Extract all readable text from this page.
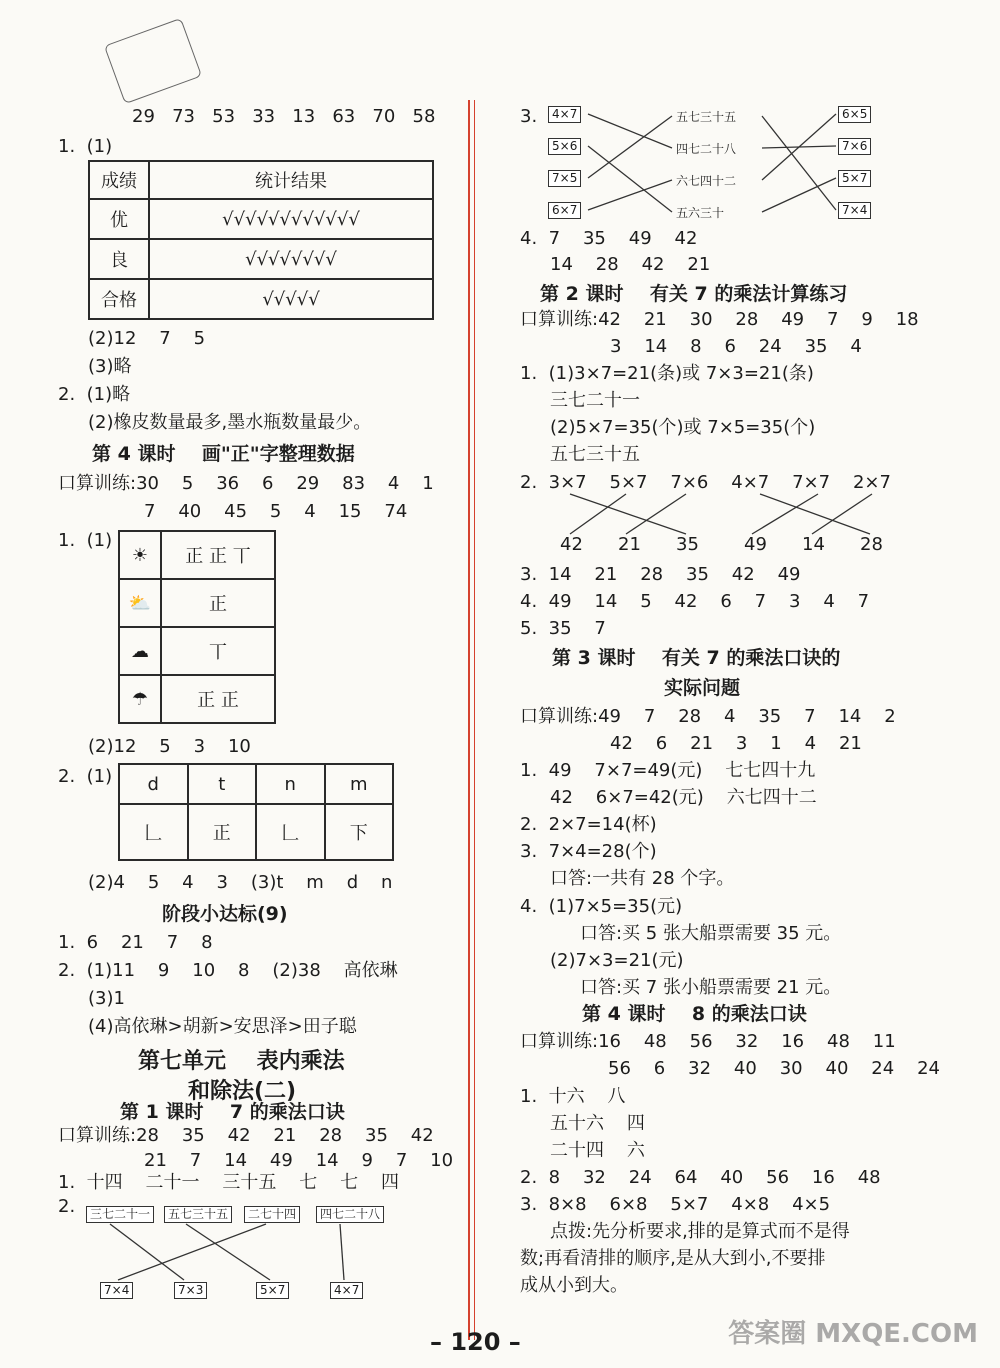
29   73   53   33   13   63   70   58
1.  (1)
成绩	统计结果
优	√√√√√√√√√√√√
良	√√√√√√√√
合格	√√√√√
(2)12    7    5
(3)略
2.  (1)略
(2)橡皮数量最多,墨水瓶数量最少。
第 4 课时    画"正"字整理数据
口算训练:30    5    36    6    29    83    4    1
7    40    45    5    4    15    74
1.  (1)
☀	正 正 丅
⛅	正
☁	丅
☂	正 正
(2)12    5    3    10
2.  (1) d	t	n	m
𠃊	正	𠃊	下
(2)4    5    4    3    (3)t    m    d    n
阶段小达标(9)
1.  6    21    7    8
2.  (1)11    9    10    8    (2)38    高依琳
(3)1
(4)高依琳>胡新>安思泽>田子聪
第七单元    表内乘法
和除法(二)
第 1 课时    7 的乘法口诀
口算训练:28    35    42    21    28    35    42
21    7    14    49    14    9    7    10
1.  十四    二十一    三十五    七    七    四
2.	三七二十一	五七三十五	二七十四	四七二十八
7×4	7×3	5×7	4×7
3.	4×7
5×6
7×5
6×7
五七三十五
四七二十八
六七四十二
五六三十
6×5
7×6
5×7
7×4
4.  7    35    49    42
14    28    42    21
第 2 课时    有关 7 的乘法计算练习
口算训练:42    21    30    28    49    7    9    18
3    14    8    6    24    35    4
1.  (1)3×7=21(条)或 7×3=21(条)
三七二十一
(2)5×7=35(个)或 7×5=35(个)
五七三十五
2.  3×7    5×7    7×6    4×7    7×7    2×7
42 21 35	49 14 28
3.  14    21    28    35    42    49
4.  49    14    5    42    6    7    3    4    7
5.  35    7
第 3 课时    有关 7 的乘法口诀的
实际问题
口算训练:49    7    28    4    35    7    14    2
42    6    21    3    1    4    21
1.  49    7×7=49(元)    七七四十九
42    6×7=42(元)    六七四十二
2.  2×7=14(杯)
3.  7×4=28(个)
口答:一共有 28 个字。
4.  (1)7×5=35(元)
口答:买 5 张大船票需要 35 元。
(2)7×3=21(元)
口答:买 7 张小船票需要 21 元。
第 4 课时    8 的乘法口诀
口算训练:16    48    56    32    16    48    11
56    6    32    40    30    40    24    24
1.  十六    八
五十六    四
二十四    六
2.  8    32    24    64    40    56    16    48
3.  8×8    6×8    5×7    4×8    4×5
点拨:先分析要求,排的是算式而不是得
数;再看清排的顺序,是从大到小,不要排
成从小到大。
– 120 –	答案圈 MXQE.COM
